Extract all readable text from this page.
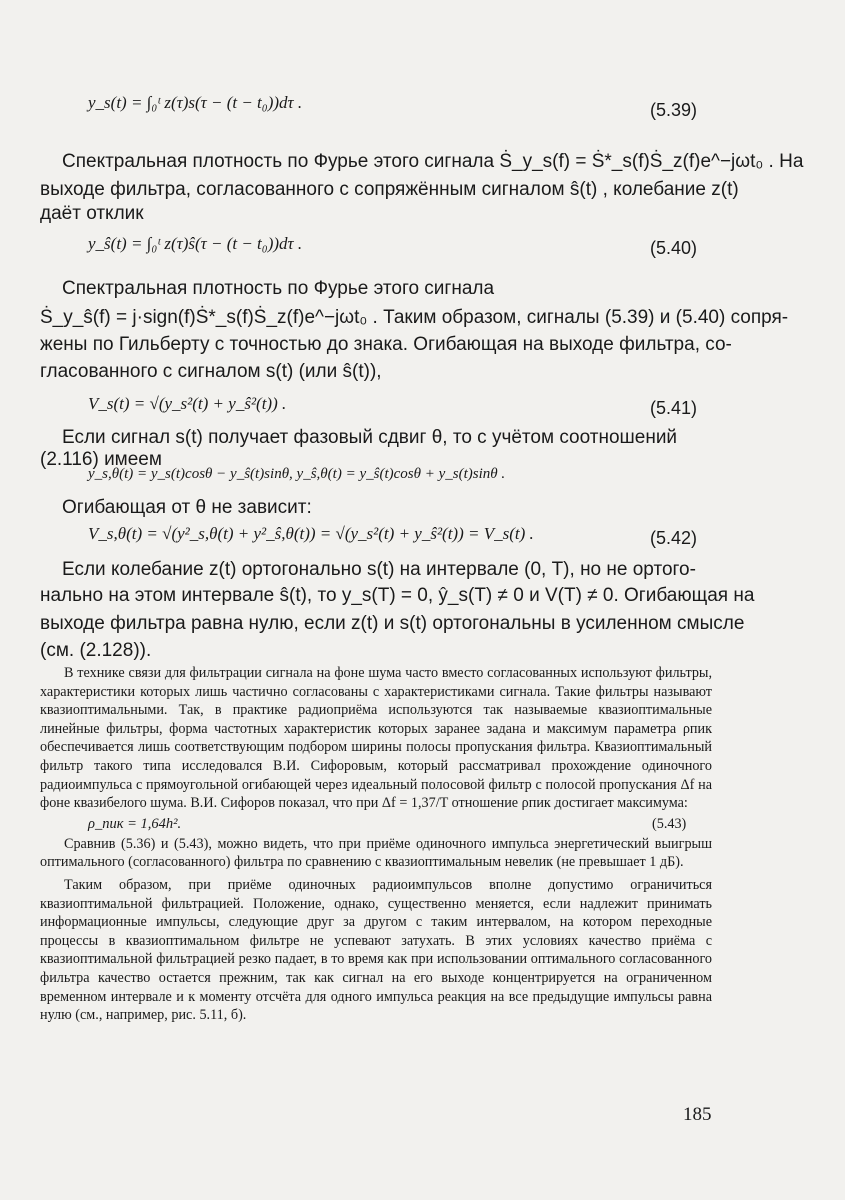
y_s(t) = ∫₀ᵗ z(τ)s(τ − (t − t₀))dτ .	(5.39)
Спектральная плотность по Фурье этого сигнала Ṡ_y_s(f) = Ṡ*_s(f)Ṡ_z(f)e^−jωt₀ . На
выходе фильтра, согласованного с сопряжённым сигналом ŝ(t) , колебание z(t)
даёт отклик
y_ŝ(t) = ∫₀ᵗ z(τ)ŝ(τ − (t − t₀))dτ .	(5.40)
Спектральная плотность по Фурье этого сигнала
Ṡ_y_ŝ(f) = j·sign(f)Ṡ*_s(f)Ṡ_z(f)e^−jωt₀ . Таким образом, сигналы (5.39) и (5.40) сопря-
жены по Гильберту с точностью до знака. Огибающая на выходе фильтра, со-
гласованного с сигналом s(t) (или ŝ(t)),
V_s(t) = √(y_s²(t) + y_ŝ²(t)) .	(5.41)
Если сигнал s(t) получает фазовый сдвиг θ, то с учётом соотношений
(2.116) имеем
y_s,θ(t) = y_s(t)cosθ − y_ŝ(t)sinθ, y_ŝ,θ(t) = y_ŝ(t)cosθ + y_s(t)sinθ .
Огибающая от θ не зависит:
V_s,θ(t) = √(y²_s,θ(t) + y²_ŝ,θ(t)) = √(y_s²(t) + y_ŝ²(t)) = V_s(t) .	(5.42)
Если колебание z(t) ортогонально s(t) на интервале (0, T), но не ортого-
нально на этом интервале ŝ(t), то y_s(T) = 0, ŷ_s(T) ≠ 0 и V(T) ≠ 0. Огибающая на
выходе фильтра равна нулю, если z(t) и s(t) ортогональны в усиленном смысле
(см. (2.128)).

В технике связи для фильтрации сигнала на фоне шума часто вместо согласованных используют фильтры, характеристики которых лишь частично согласованы с характеристиками сигнала. Такие фильтры называют квазиоптимальными. Так, в практике радиоприёма используются так называемые квазиоптимальные линейные фильтры, форма частотных характеристик которых заранее задана и максимум параметра ρпик обеспечивается лишь соответствующим подбором ширины полосы пропускания фильтра. Квазиоптимальный фильтр такого типа исследовался В.И. Сифоровым, который рассматривал прохождение одиночного радиоимпульса с прямоугольной огибающей через идеальный полосовой фильтр с полосой пропускания Δf на фоне квазибелого шума. В.И. Сифоров показал, что при Δf = 1,37/T отношение ρпик достигает максимума:

ρ_пик = 1,64h².	(5.43)

Сравнив (5.36) и (5.43), можно видеть, что при приёме одиночного импульса энергетический выигрыш оптимального (согласованного) фильтра по сравнению с квазиоптимальным невелик (не превышает 1 дБ).

Таким образом, при приёме одиночных радиоимпульсов вполне допустимо ограничиться квазиоптимальной фильтрацией. Положение, однако, существенно меняется, если надлежит принимать информационные импульсы, следующие друг за другом с таким интервалом, на котором переходные процессы в квазиоптимальном фильтре не успевают затухать. В этих условиях качество приёма с квазиоптимальной фильтрацией резко падает, в то время как при использовании оптимального согласованного фильтра качество остается прежним, так как сигнал на его выходе концентрируется на ограниченном временном интервале и к моменту отсчёта для одного импульса реакция на все предыдущие импульсы равна нулю (см., например, рис. 5.11, б).

185
